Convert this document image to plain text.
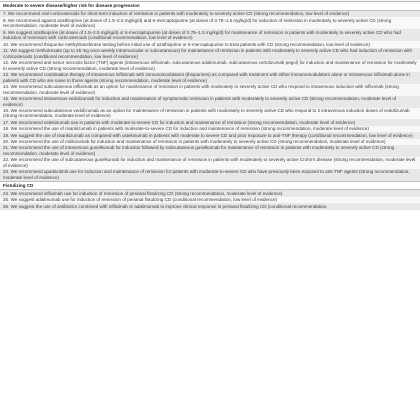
Moderate to severe disease/higher risk for disease progression
7. We recommend oral corticosteroids for short-term induction of remission in patients with moderately to severely active CD (strong recommendation, low level of evidence)
8. We recommend against azathioprine (at doses of 1.5–2.5 mg/kg/d) and 6-mercaptopurine (at doses of 0.75–1.5 mg/kg/d) for induction of remission in moderately to severely active CD (strong recommendation, moderate level of evidence)
9. We suggest azathioprine (at doses of 1.5–2.5 mg/kg/d) or 6-mercaptopurine (at doses of 0.75–1.5 mg/kg/d) for maintenance of remission in patients with moderately to severely active CD who had induction of remission with corticosteroids (conditional recommendation, low level of evidence)
10. We recommend thiopurine methyltransferase testing before initial use of azathioprine or 6-mercaptopurine to treat patients with CD (strong recommendation, low level of evidence)
11. We suggest methotrexate (up to 25 mg once weekly intramuscular or subcutaneous) for maintenance of remission in patients with moderately to severely active CD who had induction of remission with corticosteroids (conditional recommendation, low level of evidence)
12. We recommend anti-tumor necrosis factor (TNF) agents (intravenous infliximab, subcutaneous adalimumab, subcutaneous certolizumab pegol) for induction and maintenance of remission for moderately to severely active CD (strong recommendation, moderate level of evidence)
13. We recommend combination therapy of intravenous infliximab with immunomodulators (thiopurines) as compared with treatment with either immunomodulators alone or intravenous infliximab alone in patients with CD who are naive to those agents (strong recommendation, moderate level of evidence)
14. We recommend subcutaneous infliximab as an option for maintenance of remission in patients with moderately to severely active CD who respond to intravenous induction with infliximab (strong recommendation, moderate level of evidence)
15. We recommend intravenous vedolizumab for induction and maintenance of symptomatic remission in patients with moderately to severely active CD (strong recommendation, moderate level of evidence)
16. We recommend subcutaneous vedolizumab as an option for maintenance of remission in patients with moderately to severely active CD who respond to 2 intravenous induction doses of vedolizumab (strong recommendation, moderate level of evidence)
17. We recommend ustekinumab use in patients with moderate-to-severe CD for induction and maintenance of remission (strong recommendation, moderate level of evidence)
18. We recommend the use of risankizumab in patients with moderate-to-severe CD for induction and maintenance of remission (strong recommendation, moderate level of evidence)
19. We suggest the use of risankizumab as compared with ustekinumab in patients with moderate to severe CD and prior exposure to anti-TNF therapy (conditional recommendation, low level of evidence)
20. We recommend the use of mirikizumab for induction and maintenance of remission in patients with moderately to severely active CD (strong recommendation, moderate level of evidence)
21. We recommend the use of intravenous guselkumab for induction followed by subcutaneous guselkumab for maintenance of remission in patients with moderately to severely active CD (strong recommendation, moderate level of evidence)
22. We recommend the use of subcutaneous guselkumab for induction and maintenance of remission in patients with moderately to severely active Crohn's disease (strong recommendation, moderate level of evidence)
23. We recommend upadacitinib use for induction and maintenance of remission for patients with moderate-to-severe CD who have previously been exposed to anti-TNF agents (strong recommendation, moderate level of evidence)
Fistulizing CD
24. We recommend infliximab use for induction of remission of perianal fistulizing CD (strong recommendation, moderate level of evidence)
25. We suggest adalimumab use for induction of remission of perianal fistulizing CD (conditional recommendation, low level of evidence)
26. We suggest the use of antibiotics combined with infliximab or adalimumab to improve clinical response in perianal fistulizing CD (conditional recommendation,
